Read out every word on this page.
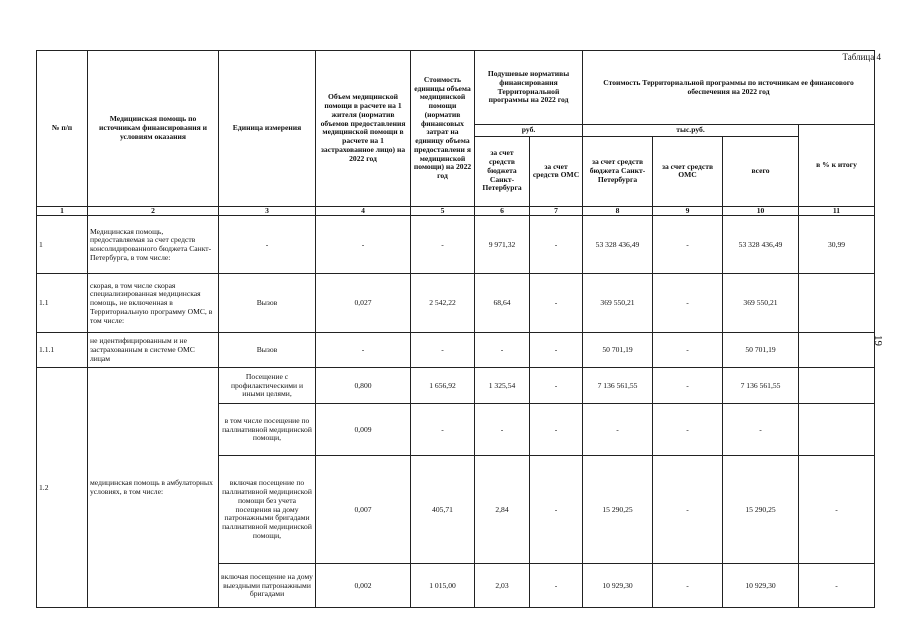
Таблица 4
19
№ п/п	Медицинская помощь по источникам финансирования и условиям оказания	Единица измерения	Объем медицинской помощи в расчете на 1 жителя (норматив объемов предоставления медицинской помощи в расчете на 1 застрахованное лицо) на 2022 год	Стоимость единицы объема медицинской помощи (норматив финансовых затрат на единицу объема предоставлени я медицинской помощи) на 2022 год	Подушевые нормативы финансирования Территориальной программы на 2022 год		Стоимость Территориальной программы по источникам ее финансового обеспечения на 2022 год			
					руб.		тыс.руб.			в % к итогу
					за счет средств бюджета Санкт-Петербурга	за счет средств ОМС	за счет средств бюджета Санкт-Петербурга	за счет средств ОМС	всего	
1	2	3	4	5	6	7	8	9	10	11
1	Медицинская помощь, предоставляемая за счет средств консолидированного бюджета Санкт-Петербурга, в том числе:	-	-	-	9 971,32	-	53 328 436,49	-	53 328 436,49	30,99
1.1	скорая, в том числе скорая специализированная медицинская помощь, не включенная в Территориальную программу ОМС, в том числе:	Вызов	0,027	2 542,22	68,64	-	369 550,21	-	369 550,21	
1.1.1	не идентифицированным и не застрахованным в системе ОМС лицам	Вызов	-	-	-	-	50 701,19	-	50 701,19	
1.2	медицинская помощь в амбулаторных условиях, в том числе:	Посещение с профилактическими и иными целями,	0,800	1 656,92	1 325,54	-	7 136 561,55	-	7 136 561,55	
		в том числе посещение по паллиативной медицинской помощи,	0,009	-	-	-	-	-	-	
		включая посещение по паллиативной медицинской помощи без учета посещения на дому патронажными бригадами паллиативной медицинской помощи,	0,007	405,71	2,84	-	15 290,25	-	15 290,25	-
		включая посещение на дому выездными патронажными бригадами	0,002	1 015,00	2,03	-	10 929,30	-	10 929,30	-
